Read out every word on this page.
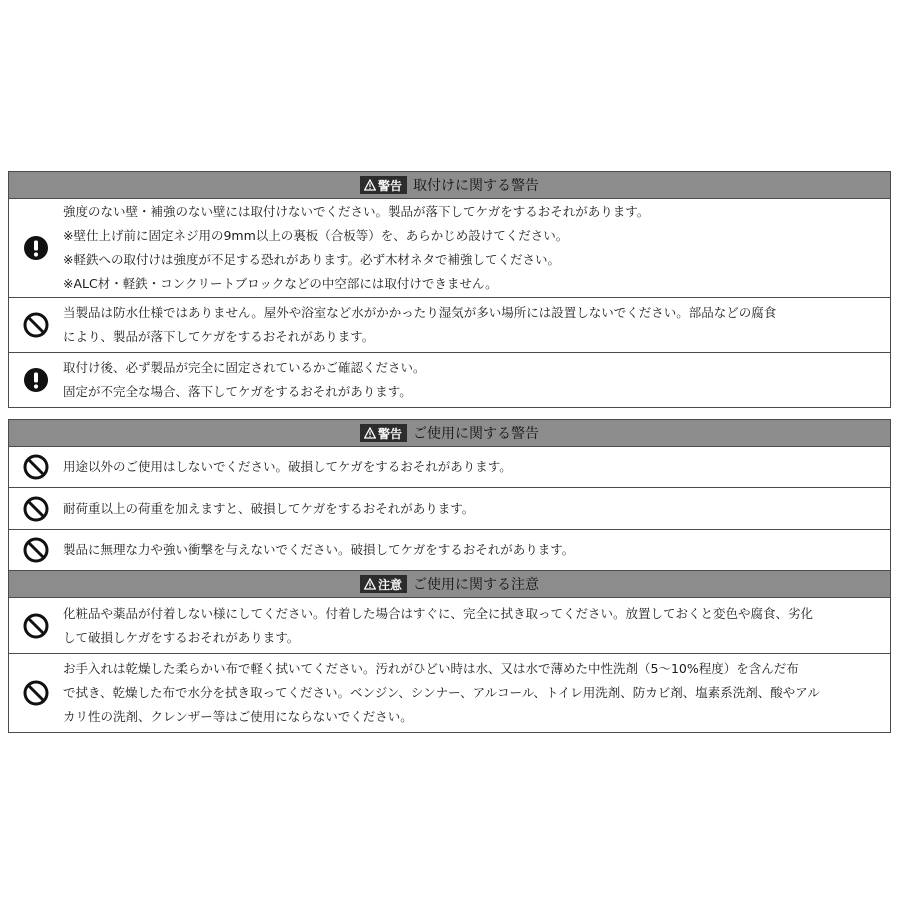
警告 取付けに関する警告
強度のない壁・補強のない壁には取付けないでください。製品が落下してケガをするおそれがあります。
※壁仕上げ前に固定ネジ用の9mm以上の裏板（合板等）を、あらかじめ設けてください。
※軽鉄への取付けは強度が不足する恐れがあります。必ず木材ネタで補強してください。
※ALC材・軽鉄・コンクリートブロックなどの中空部には取付けできません。
当製品は防水仕様ではありません。屋外や浴室など水がかかったり湿気が多い場所には設置しないでください。部品などの腐食
により、製品が落下してケガをするおそれがあります。
取付け後、必ず製品が完全に固定されているかご確認ください。
固定が不完全な場合、落下してケガをするおそれがあります。
警告 ご使用に関する警告
用途以外のご使用はしないでください。破損してケガをするおそれがあります。
耐荷重以上の荷重を加えますと、破損してケガをするおそれがあります。
製品に無理な力や強い衝撃を与えないでください。破損してケガをするおそれがあります。
注意 ご使用に関する注意
化粧品や薬品が付着しない様にしてください。付着した場合はすぐに、完全に拭き取ってください。放置しておくと変色や腐食、劣化
して破損しケガをするおそれがあります。
お手入れは乾燥した柔らかい布で軽く拭いてください。汚れがひどい時は水、又は水で薄めた中性洗剤（5〜10%程度）を含んだ布
で拭き、乾燥した布で水分を拭き取ってください。ベンジン、シンナー、アルコール、トイレ用洗剤、防カビ剤、塩素系洗剤、酸やアル
カリ性の洗剤、クレンザー等はご使用にならないでください。
